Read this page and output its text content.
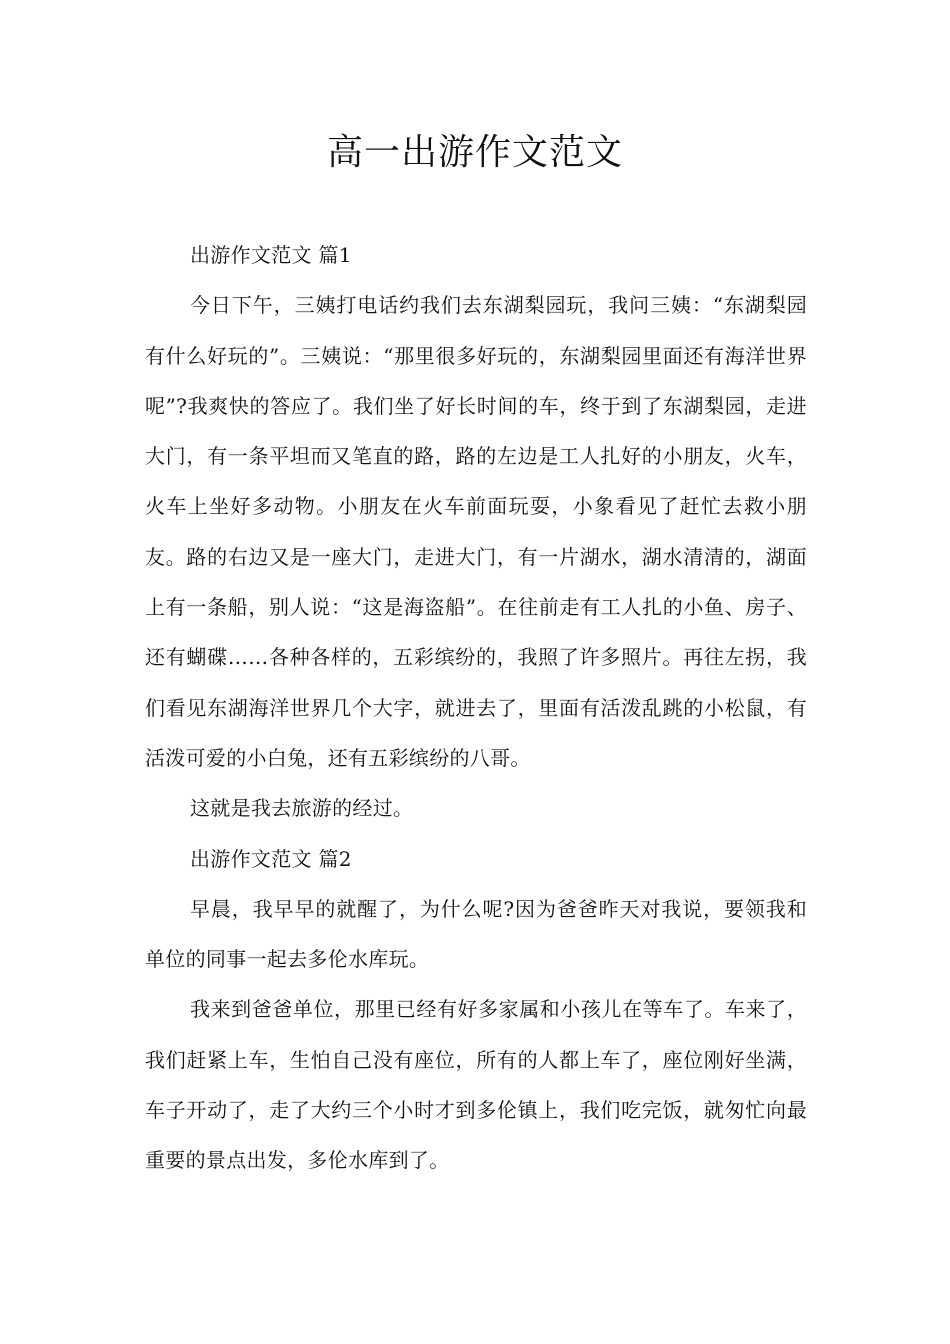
高一出游作文范文

出游作文范文 篇1

今日下午，三姨打电话约我们去东湖梨园玩，我问三姨：“东湖梨园有什么好玩的”。三姨说：“那里很多好玩的，东湖梨园里面还有海洋世界呢”?我爽快的答应了。我们坐了好长时间的车，终于到了东湖梨园，走进大门，有一条平坦而又笔直的路，路的左边是工人扎好的小朋友，火车，火车上坐好多动物。小朋友在火车前面玩耍，小象看见了赶忙去救小朋友。路的右边又是一座大门，走进大门，有一片湖水，湖水清清的，湖面上有一条船，别人说：“这是海盗船”。在往前走有工人扎的小鱼、房子、还有蝴碟……各种各样的，五彩缤纷的，我照了许多照片。再往左拐，我们看见东湖海洋世界几个大字，就进去了，里面有活泼乱跳的小松鼠，有活泼可爱的小白兔，还有五彩缤纷的八哥。

这就是我去旅游的经过。

出游作文范文 篇2

早晨，我早早的就醒了，为什么呢?因为爸爸昨天对我说，要领我和单位的同事一起去多伦水库玩。

我来到爸爸单位，那里已经有好多家属和小孩儿在等车了。车来了，我们赶紧上车，生怕自己没有座位，所有的人都上车了，座位刚好坐满，车子开动了，走了大约三个小时才到多伦镇上，我们吃完饭，就匆忙向最重要的景点出发，多伦水库到了。
